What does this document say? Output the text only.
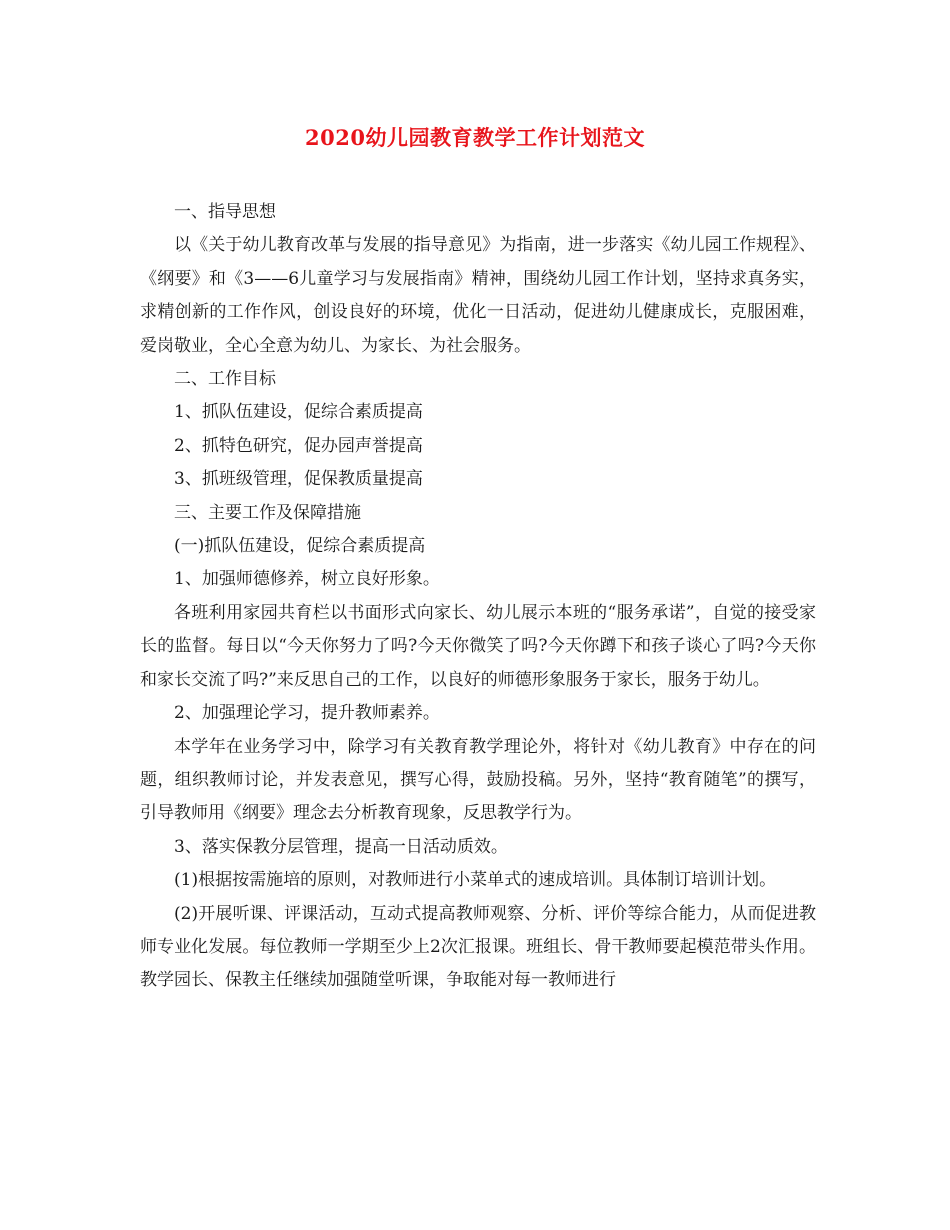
2020幼儿园教育教学工作计划范文

一、指导思想

以《关于幼儿教育改革与发展的指导意见》为指南，进一步落实《幼儿园工作规程》、《纲要》和《3——6儿童学习与发展指南》精神，围绕幼儿园工作计划，坚持求真务实，求精创新的工作作风，创设良好的环境，优化一日活动，促进幼儿健康成长，克服困难，爱岗敬业，全心全意为幼儿、为家长、为社会服务。

二、工作目标

1、抓队伍建设，促综合素质提高

2、抓特色研究，促办园声誉提高

3、抓班级管理，促保教质量提高

三、主要工作及保障措施

(一)抓队伍建设，促综合素质提高

1、加强师德修养，树立良好形象。

各班利用家园共育栏以书面形式向家长、幼儿展示本班的“服务承诺”，自觉的接受家长的监督。每日以“今天你努力了吗?今天你微笑了吗?今天你蹲下和孩子谈心了吗?今天你和家长交流了吗?”来反思自己的工作，以良好的师德形象服务于家长，服务于幼儿。

2、加强理论学习，提升教师素养。

本学年在业务学习中，除学习有关教育教学理论外，将针对《幼儿教育》中存在的问题，组织教师讨论，并发表意见，撰写心得，鼓励投稿。另外，坚持“教育随笔”的撰写，引导教师用《纲要》理念去分析教育现象，反思教学行为。

3、落实保教分层管理，提高一日活动质效。

(1)根据按需施培的原则，对教师进行小菜单式的速成培训。具体制订培训计划。

(2)开展听课、评课活动，互动式提高教师观察、分析、评价等综合能力，从而促进教师专业化发展。每位教师一学期至少上2次汇报课。班组长、骨干教师要起模范带头作用。教学园长、保教主任继续加强随堂听课，争取能对每一教师进行
